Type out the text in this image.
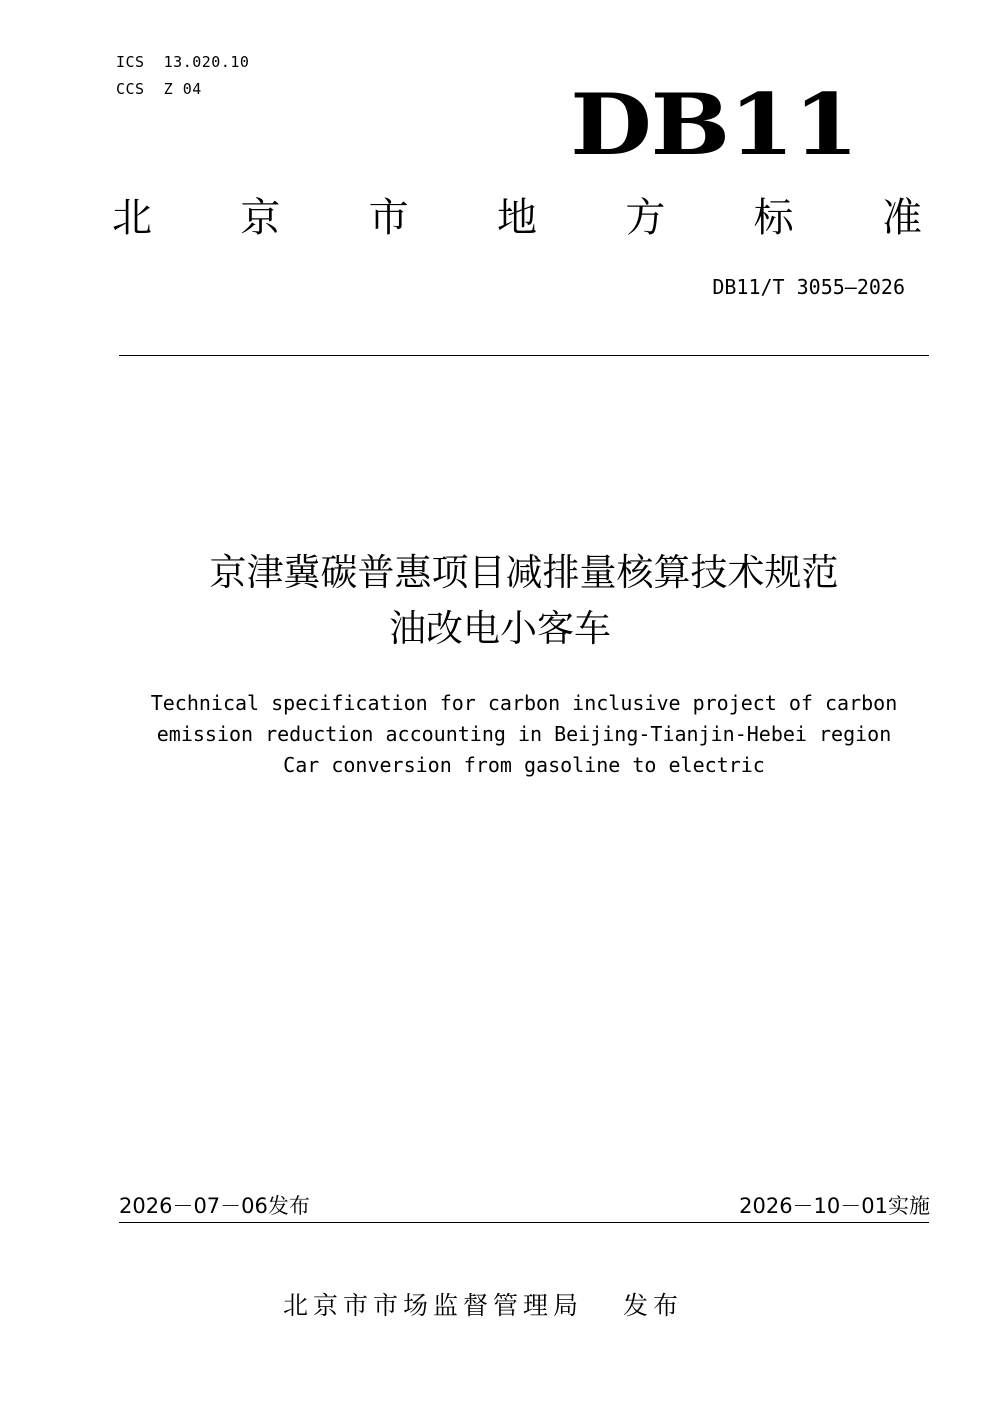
ICS  13.020.10
CCS  Z 04	DB11
北 京 市 地 方 标 准
DB11/T 3055—2026
京津冀碳普惠项目减排量核算技术规范
油改电小客车
Technical specification for carbon inclusive project of carbon
emission reduction accounting in Beijing-Tianjin-Hebei region
Car conversion from gasoline to electric
2026－07－06发布	2026－10－01实施
北京市市场监督管理局 发布
